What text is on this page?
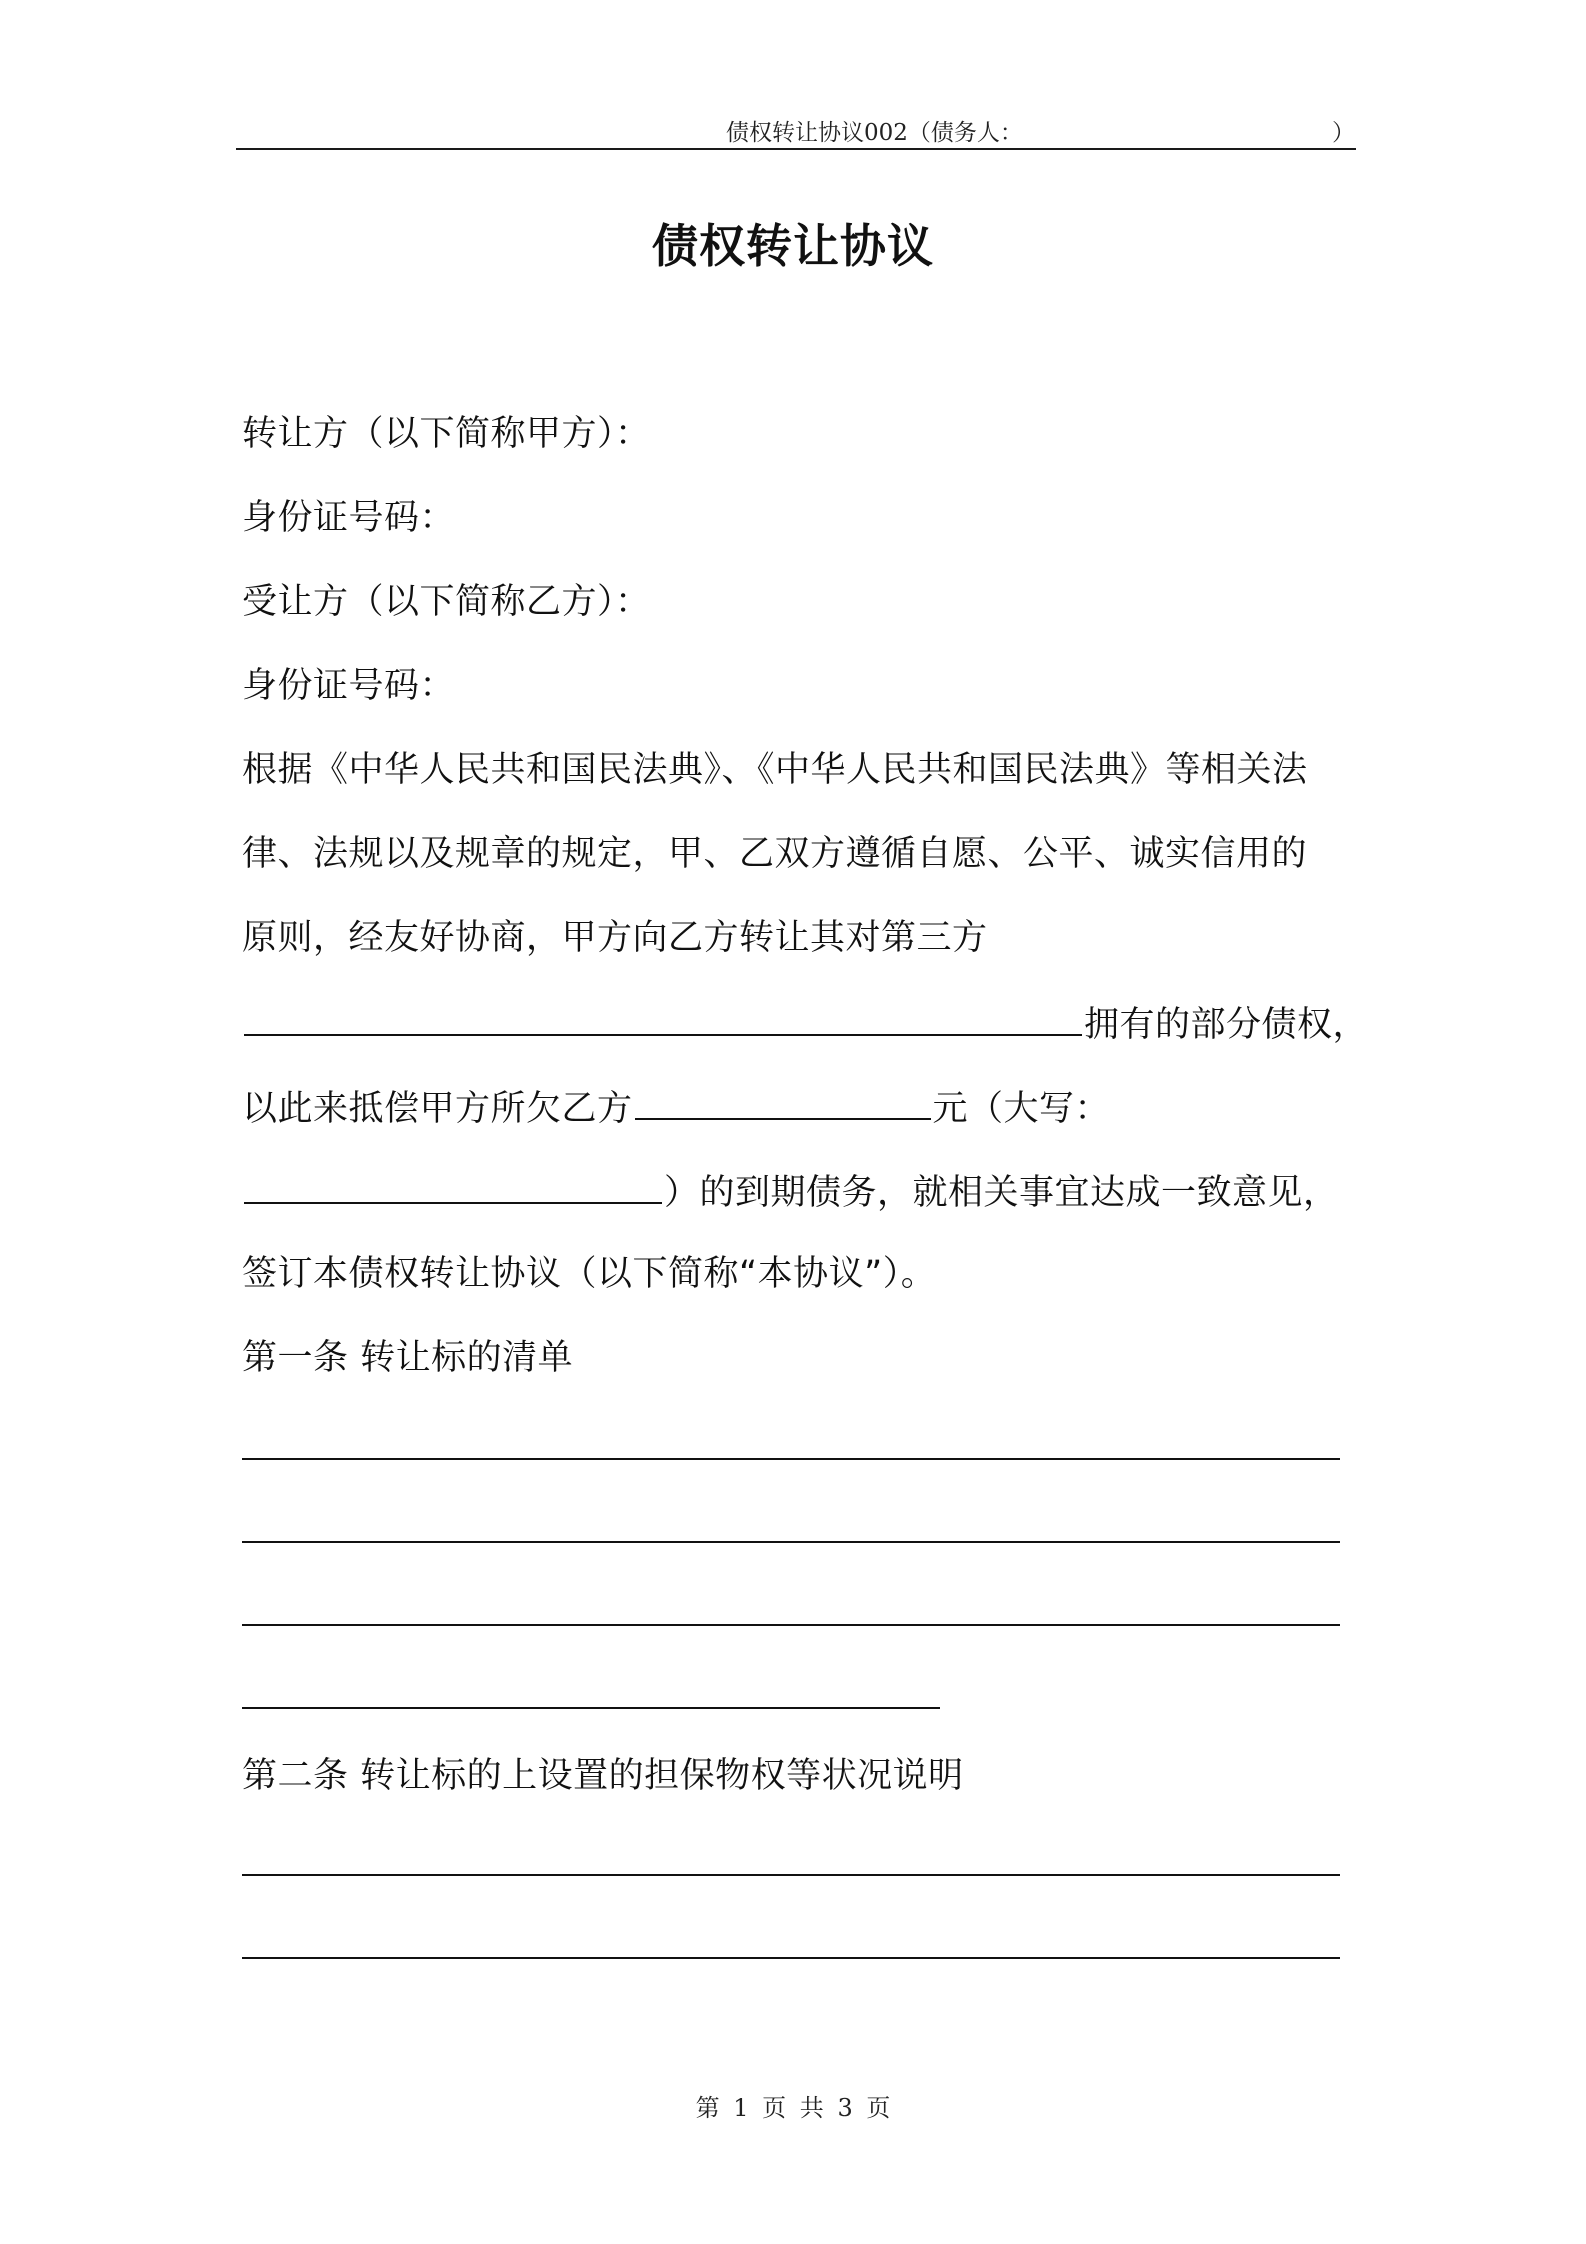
债权转让协议002（债务人：	）
债权转让协议
转让方（以下简称甲方）：
身份证号码：
受让方（以下简称乙方）：
身份证号码：
根据《中华人民共和国民法典》、《中华人民共和国民法典》等相关法
律、法规以及规章的规定，甲、乙双方遵循自愿、公平、诚实信用的
原则，经友好协商，甲方向乙方转让其对第三方
拥有的部分债权，
以此来抵偿甲方所欠乙方	元（大写：
）的到期债务，就相关事宜达成一致意见，
签订本债权转让协议（以下简称“本协议”）。
第一条 转让标的清单
第二条 转让标的上设置的担保物权等状况说明
第 1 页 共 3 页
